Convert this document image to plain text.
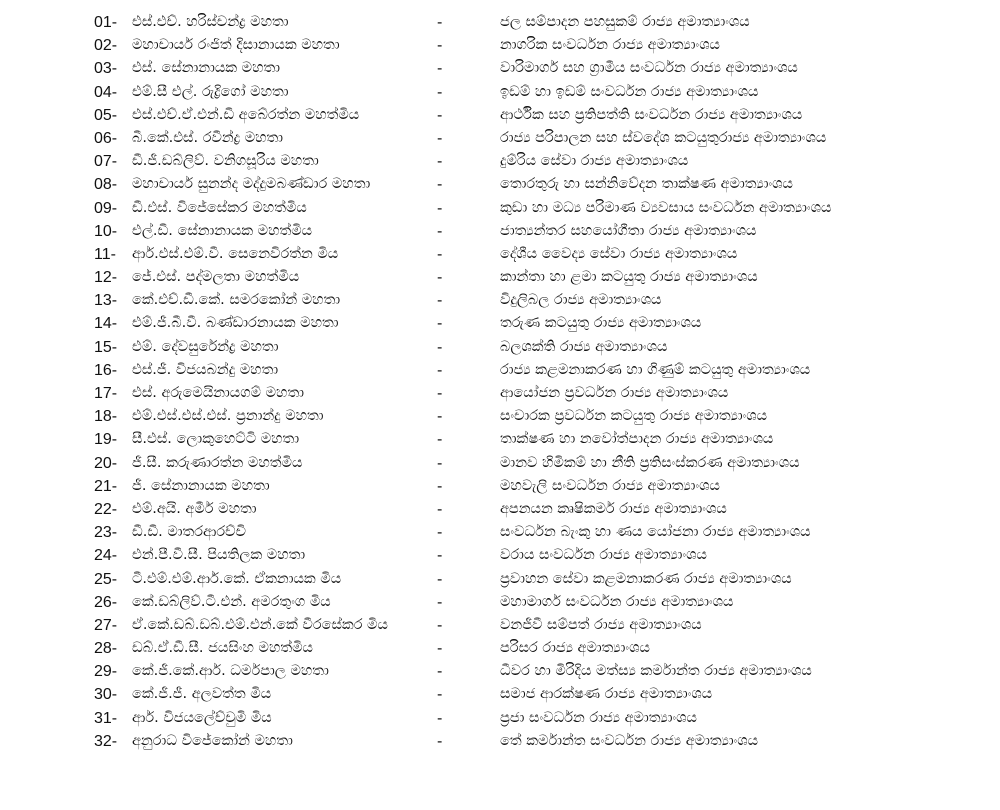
01-	එස්.එච්. හරිස්චන්ද්‍ර මහතා	-	ජල සම්පාදන පහසුකම් රාජ්‍ය අමාත්‍යාංශය
02-	මහාචාර්ය රංජිත් දිසානායක මහතා	-	නාගරික සංවර්ධන රාජ්‍ය අමාත්‍යාංශය
03-	එස්. සේනානායක මහතා	-	වාරිමාර්ග සහ ග්‍රාමීය සංවර්ධන රාජ්‍ය අමාත්‍යාංශය
04-	එම්.සී එල්. රුද්‍රිගෝ මහතා	-	ඉඩම් හා ඉඩම් සංවර්ධන රාජ්‍ය අමාත්‍යාංශය
05-	එස්.එච්.ඒ.එන්.ඩී අබේරත්න මහත්මිය	-	ආර්ථික සහ ප්‍රතිපත්ති සංවර්ධන රාජ්‍ය අමාත්‍යාංශය
06-	බී.කේ.එස්. රවීන්ද්‍ර මහතා	-	රාජ්‍ය පරිපාලන සහ ස්වදේශ කටයුතුරාජ්‍ය අමාත්‍යාංශය
07-	ඩී.ජී.ඩබ්ලිව්. වනිගසූරිය මහතා	-	දුම්රිය සේවා රාජ්‍ය අමාත්‍යාංශය
08-	මහාචාර්ය සුනන්ද මද්දුමබණ්ඩාර මහතා	-	තොරතුරු හා සන්නිවේදන තාක්ෂණ අමාත්‍යාංශය
09-	ඩී.එස්. විජේසේකර මහත්මිය	-	කුඩා හා මධ්‍ය පරිමාණ ව්‍යවසාය සංවර්ධන අමාත්‍යාංශය
10-	එල්.ඩී. සේනානායක මහත්මිය	-	ජාත්‍යන්තර සහයෝගීතා රාජ්‍ය අමාත්‍යාංශය
11-	ආර්.එස්.එම්.වී. සෙනෙවිරත්න මිය	-	දේශීය වෛද්‍ය සේවා රාජ්‍ය අමාත්‍යාංශය
12-	ජේ.එස්. පද්මලතා මහත්මිය	-	කාන්තා හා ළමා කටයුතු රාජ්‍ය අමාත්‍යාංශය
13-	කේ.එච්.ඩී.කේ. සමරකෝන් මහතා	-	විදුලිබල රාජ්‍ය අමාත්‍යාංශය
14-	එම්.ජී.බී.වී. බණ්ඩාරනායක මහතා	-	තරුණ කටයුතු රාජ්‍ය අමාත්‍යාංශය
15-	එම්. දේවසුරේන්ද්‍ර මහතා	-	බලශක්ති රාජ්‍ය අමාත්‍යාංශය
16-	එස්.ජී. විජයබන්දු මහතා	-	රාජ්‍ය කළමනාකරණ හා ගිණුම් කටයුතු අමාත්‍යාංශය
17-	එස්. අරුමෙයිනායගම් මහතා	-	ආයෝජන ප්‍රවර්ධන රාජ්‍ය අමාත්‍යාංශය
18-	එම්.එස්.එස්.එස්. ප්‍රනාන්දු මහතා	-	සංචාරක ප්‍රවර්ධන කටයුතු රාජ්‍ය අමාත්‍යාංශය
19-	සී.එස්. ලොකුහෙට්ටි මහතා	-	තාක්ෂණ හා නවෝත්පාදන රාජ්‍ය අමාත්‍යාංශය
20-	ජී.සී. කරුණාරත්න මහත්මිය	-	මානව හිමිකම් හා නීති ප්‍රතිසංස්කරණ අමාත්‍යාංශය
21-	ජී. සේනානායක මහතා	-	මහවැලි සංවර්ධන රාජ්‍ය අමාත්‍යාංශය
22-	එම්.අයි. අමීර් මහතා	-	අපනයන කෘෂිකර්ම රාජ්‍ය අමාත්‍යාංශය
23-	ඩී.ඩී. මාතරආරච්චි	-	සංවර්ධන බැංකු හා ණය යෝජනා රාජ්‍ය අමාත්‍යාංශය
24-	එන්.පී.වී.සී. පියතිලක මහතා	-	වරාය සංවර්ධන රාජ්‍ය අමාත්‍යාංශය
25-	ටී.එම්.එම්.ආර්.කේ. ඒකනායක මිය	-	ප්‍රවාහන සේවා කළමනාකරණ රාජ්‍ය අමාත්‍යාංශය
26-	කේ.ඩබ්ලිව්.ටී.එන්. අමරතුංග මිය	-	මහාමාර්ග සංවර්ධන රාජ්‍ය අමාත්‍යාංශය
27-	ඒ.කේ.ඩබ්.ඩබ්.එම්.එන්.කේ වීරසේකර මිය	-	වනජීවී සම්පත් රාජ්‍ය අමාත්‍යාංශය
28-	ඩබ්.ඒ.ඩී.සී. ජයසිංහ මහත්මිය	-	පරිසර රාජ්‍ය අමාත්‍යාංශය
29-	කේ.ජී.කේ.ආර්. ධර්මපාල මහතා	-	ධීවර හා මිරිදිය මත්ස්‍ය කර්මාන්ත රාජ්‍ය අමාත්‍යාංශය
30-	කේ.ජී.ජී. අලවත්ත මිය	-	සමාජ ආරක්ෂණ රාජ්‍ය අමාත්‍යාංශය
31-	ආර්. විජයලේච්චුමි මිය	-	ප්‍රජා සංවර්ධන රාජ්‍ය අමාත්‍යාංශය
32-	අනුරාධ විජේකෝන් මහතා	-	තේ කර්මාන්ත සංවර්ධන රාජ්‍ය අමාත්‍යාංශය
